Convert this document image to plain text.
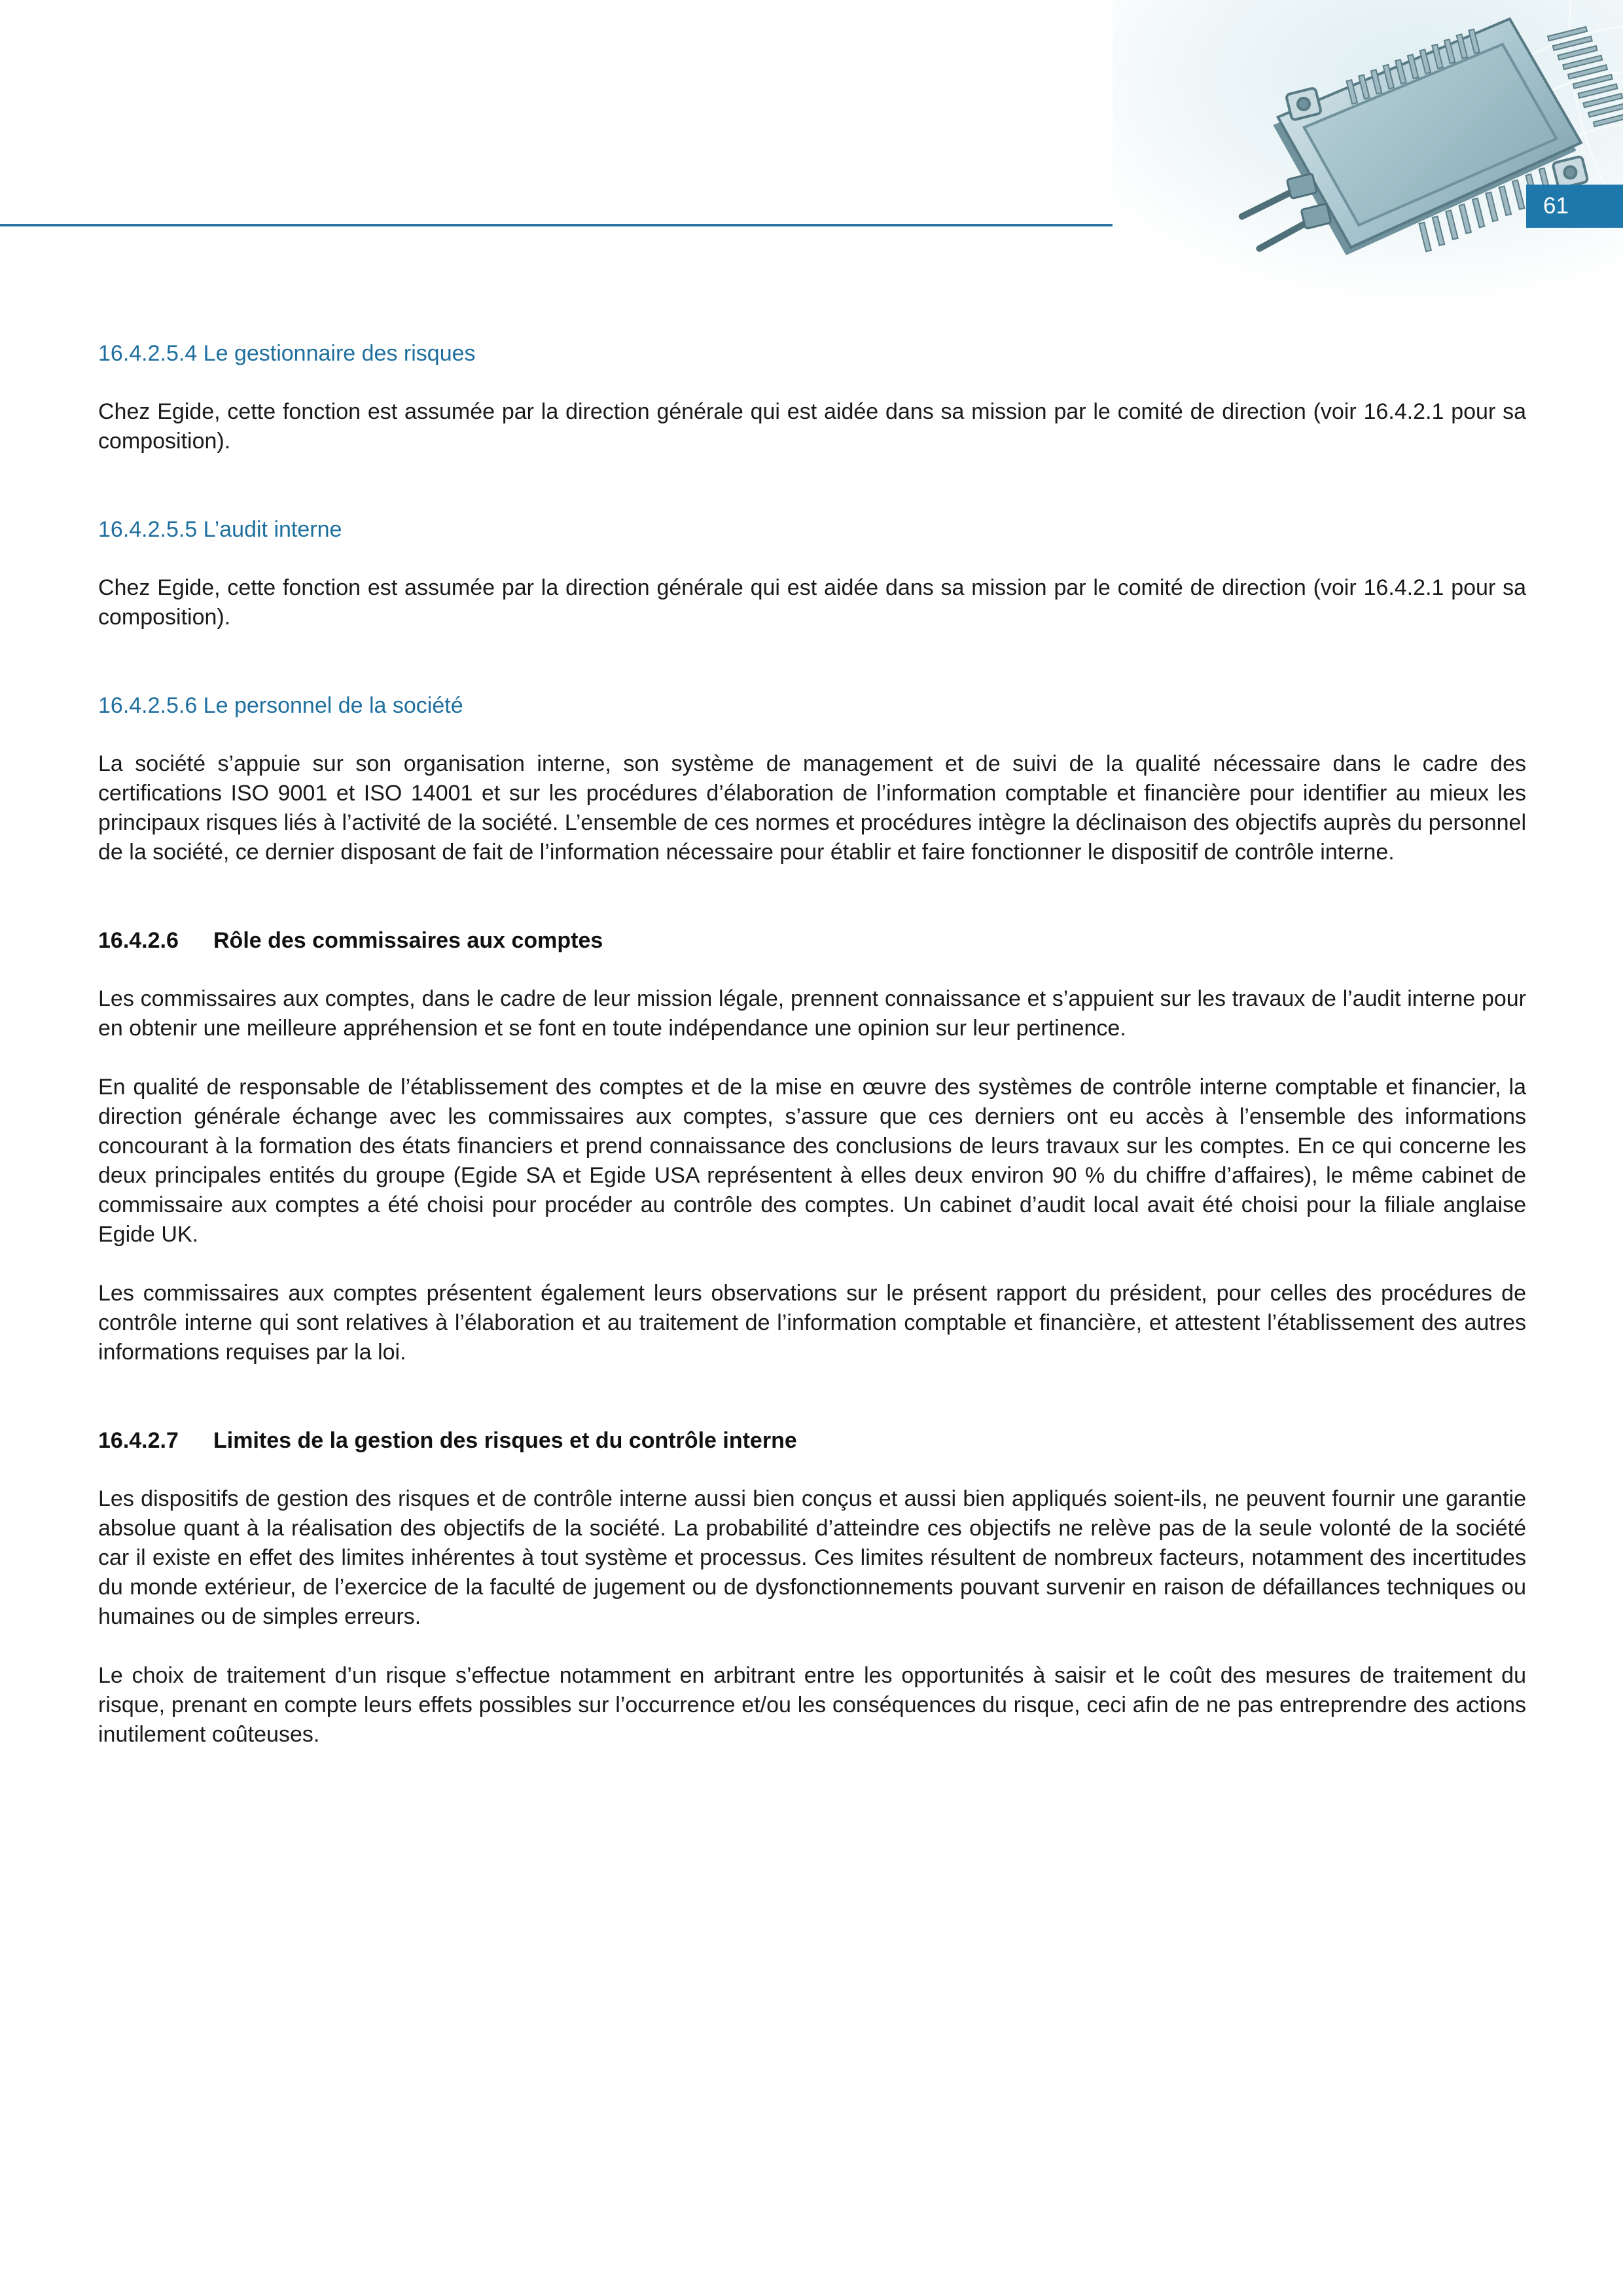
61
16.4.2.5.4 Le gestionnaire des risques

Chez Egide, cette fonction est assumée par la direction générale qui est aidée dans sa mission par le comité de direction (voir 16.4.2.1 pour sa composition).

16.4.2.5.5 L’audit interne

Chez Egide, cette fonction est assumée par la direction générale qui est aidée dans sa mission par le comité de direction (voir 16.4.2.1 pour sa composition).

16.4.2.5.6 Le personnel de la société

La société s’appuie sur son organisation interne, son système de management et de suivi de la qualité nécessaire dans le cadre des certifications ISO 9001 et ISO 14001 et sur les procédures d’élaboration de l’information comptable et financière pour identifier au mieux les principaux risques liés à l’activité de la société. L’ensemble de ces normes et procédures intègre la déclinaison des objectifs auprès du personnel de la société, ce dernier disposant de fait de l’information nécessaire pour établir et faire fonctionner le dispositif de contrôle interne.

16.4.2.6 Rôle des commissaires aux comptes

Les commissaires aux comptes, dans le cadre de leur mission légale, prennent connaissance et s’appuient sur les travaux de l’audit interne pour en obtenir une meilleure appréhension et se font en toute indépendance une opinion sur leur pertinence.

En qualité de responsable de l’établissement des comptes et de la mise en œuvre des systèmes de contrôle interne comptable et financier, la direction générale échange avec les commissaires aux comptes, s’assure que ces derniers ont eu accès à l’ensemble des informations concourant à la formation des états financiers et prend connaissance des conclusions de leurs travaux sur les comptes. En ce qui concerne les deux principales entités du groupe (Egide SA et Egide USA représentent à elles deux environ 90 % du chiffre d’affaires), le même cabinet de commissaire aux comptes a été choisi pour procéder au contrôle des comptes. Un cabinet d’audit local avait été choisi pour la filiale anglaise Egide UK.

Les commissaires aux comptes présentent également leurs observations sur le présent rapport du président, pour celles des procédures de contrôle interne qui sont relatives à l’élaboration et au traitement de l’information comptable et financière, et attestent l’établissement des autres informations requises par la loi.

16.4.2.7 Limites de la gestion des risques et du contrôle interne

Les dispositifs de gestion des risques et de contrôle interne aussi bien conçus et aussi bien appliqués soient-ils, ne peuvent fournir une garantie absolue quant à la réalisation des objectifs de la société. La probabilité d’atteindre ces objectifs ne relève pas de la seule volonté de la société car il existe en effet des limites inhérentes à tout système et processus. Ces limites résultent de nombreux facteurs, notamment des incertitudes du monde extérieur, de l’exercice de la faculté de jugement ou de dysfonctionnements pouvant survenir en raison de défaillances techniques ou humaines ou de simples erreurs.

Le choix de traitement d’un risque s’effectue notamment en arbitrant entre les opportunités à saisir et le coût des mesures de traitement du risque, prenant en compte leurs effets possibles sur l’occurrence et/ou les conséquences du risque, ceci afin de ne pas entreprendre des actions inutilement coûteuses.
